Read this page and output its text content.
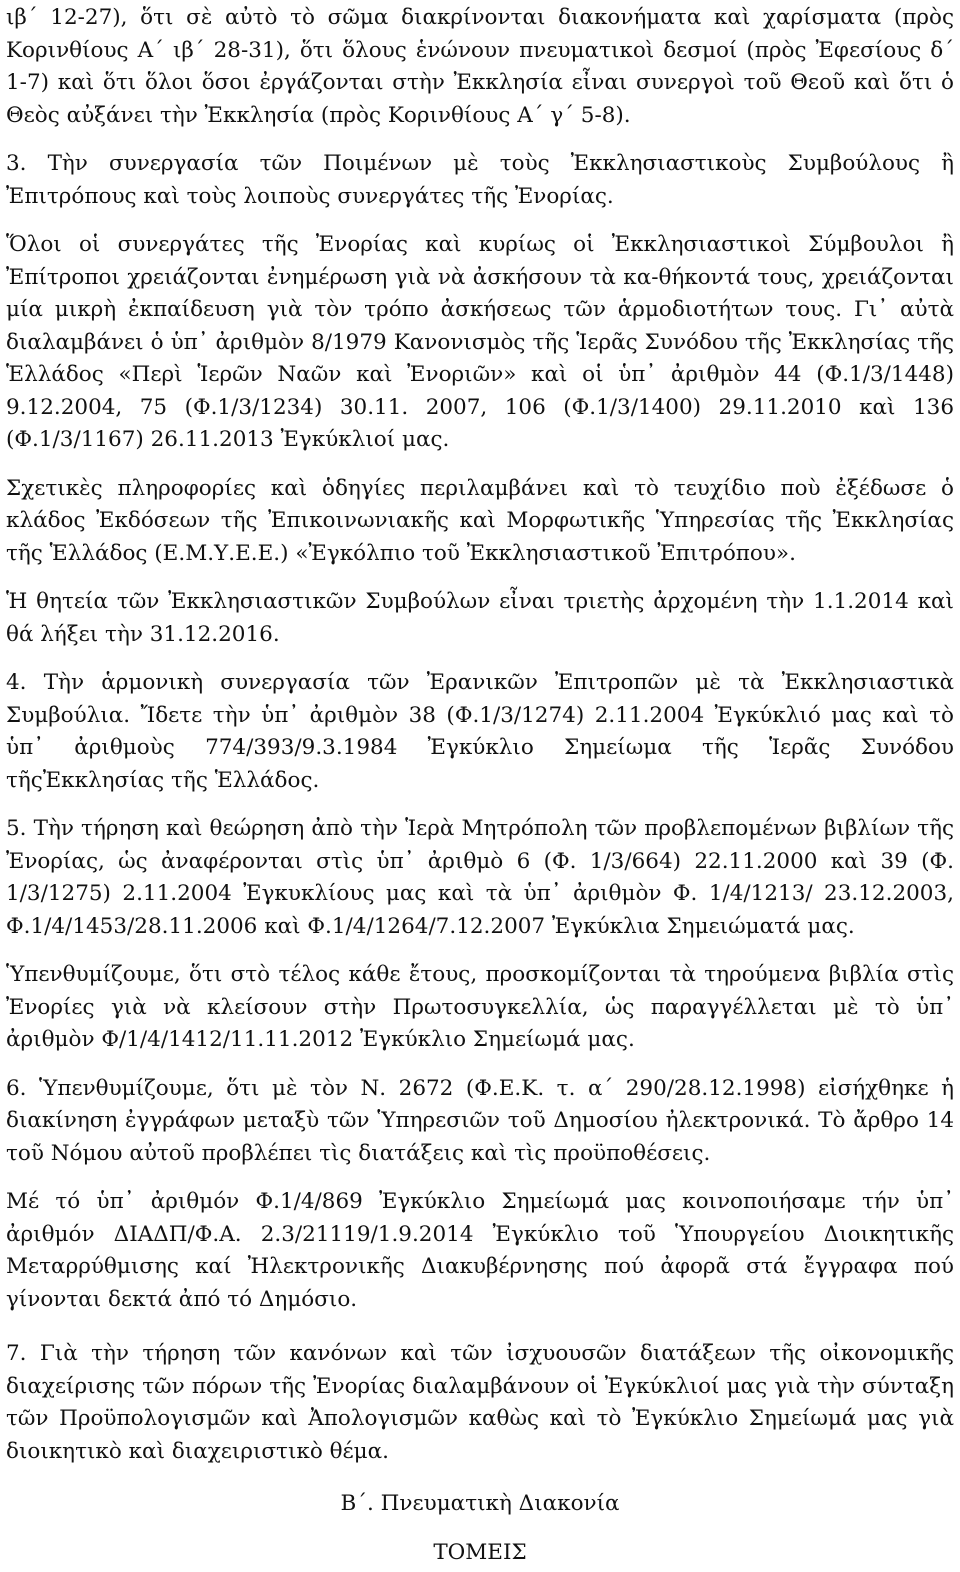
ιβ΄ 12-27), ὅτι σὲ αὐτὸ τὸ σῶμα διακρίνονται διακονήματα καὶ χαρίσματα (πρὸς Κορινθίους Α΄ ιβ΄ 28-31), ὅτι ὅλους ἑνώνουν πνευματικοὶ δεσμοί (πρὸς Ἐφεσίους δ΄ 1-7) καὶ ὅτι ὅλοι ὅσοι ἐργάζονται στὴν Ἐκκλησία εἶναι συνεργοὶ τοῦ Θεοῦ καὶ ὅτι ὁ Θεὸς αὐξάνει τὴν Ἐκκλησία (πρὸς Κορινθίους Α΄ γ΄ 5-8).

3. Τὴν συνεργασία τῶν Ποιμένων μὲ τοὺς Ἐκκλησιαστικοὺς Συμβούλους ἢ Ἐπιτρόπους καὶ τοὺς λοιποὺς συνεργάτες τῆς Ἐνορίας.

Ὅλοι οἱ συνεργάτες τῆς Ἐνορίας καὶ κυρίως οἱ Ἐκκλησιαστικοὶ Σύμβουλοι ἢ Ἐπίτροποι χρειάζονται ἐνημέρωση γιὰ νὰ ἀσκήσουν τὰ κα-θήκοντά τους, χρειάζονται μία μικρὴ ἐκπαίδευση γιὰ τὸν τρόπο ἀσκήσεως τῶν ἁρμοδιοτήτων τους. Γι᾽ αὐτὰ διαλαμβάνει ὁ ὑπ᾽ ἀριθμὸν 8/1979 Κανονισμὸς τῆς Ἱερᾶς Συνόδου τῆς Ἐκκλησίας τῆς Ἑλλάδος «Περὶ Ἱερῶν Ναῶν καὶ Ἐνοριῶν» καὶ οἱ ὑπ᾽ ἀριθμὸν 44 (Φ.1/3/1448) 9.12.2004, 75 (Φ.1/3/1234) 30.11. 2007, 106 (Φ.1/3/1400) 29.11.2010 καὶ 136 (Φ.1/3/1167) 26.11.2013 Ἐγκύκλιοί μας.

Σχετικὲς πληροφορίες καὶ ὁδηγίες περιλαμβάνει καὶ τὸ τευχίδιο ποὺ ἐξέδωσε ὁ κλάδος Ἐκδόσεων τῆς Ἐπικοινωνιακῆς καὶ Μορφωτικῆς Ὑπηρεσίας τῆς Ἐκκλησίας τῆς Ἑλλάδος (Ε.Μ.Υ.Ε.Ε.) «Ἐγκόλπιο τοῦ Ἐκκλησιαστικοῦ Ἐπιτρόπου».

Ἡ θητεία τῶν Ἐκκλησιαστικῶν Συμβούλων εἶναι τριετὴς ἀρχομένη τὴν 1.1.2014 καὶ θά λήξει τὴν 31.12.2016.

4. Τὴν ἁρμονικὴ συνεργασία τῶν Ἐρανικῶν Ἐπιτροπῶν μὲ τὰ Ἐκκλησιαστικὰ Συμβούλια. Ἴδετε τὴν ὑπ᾽ ἀριθμὸν 38 (Φ.1/3/1274) 2.11.2004 Ἐγκύκλιό μας καὶ τὸ ὑπ᾽ ἀριθμοὺς 774/393/9.3.1984 Ἐγκύκλιο Σημείωμα τῆς Ἱερᾶς Συνόδου τῆςἘκκλησίας τῆς Ἑλλάδος.

5. Τὴν τήρηση καὶ θεώρηση ἀπὸ τὴν Ἱερὰ Μητρόπολη τῶν προβλεπομένων βιβλίων τῆς Ἐνορίας, ὡς ἀναφέρονται στὶς ὑπ᾽ ἀριθμὸ 6 (Φ. 1/3/664) 22.11.2000 καὶ 39 (Φ. 1/3/1275) 2.11.2004 Ἐγκυκλίους μας καὶ τὰ ὑπ᾽ ἀριθμὸν Φ. 1/4/1213/ 23.12.2003, Φ.1/4/1453/28.11.2006 καὶ Φ.1/4/1264/7.12.2007 Ἐγκύκλια Σημειώματά μας.

Ὑπενθυμίζουμε, ὅτι στὸ τέλος κάθε ἔτους, προσκομίζονται τὰ τηρούμενα βιβλία στὶς Ἐνορίες γιὰ νὰ κλείσουν στὴν Πρωτοσυγκελλία, ὡς παραγγέλλεται μὲ τὸ ὑπ᾽ ἀριθμὸν Φ/1/4/1412/11.11.2012 Ἐγκύκλιο Σημείωμά μας.

6. Ὑπενθυμίζουμε, ὅτι μὲ τὸν Ν. 2672 (Φ.Ε.Κ. τ. α΄ 290/28.12.1998) εἰσήχθηκε ἡ διακίνηση ἐγγράφων μεταξὺ τῶν Ὑπηρεσιῶν τοῦ Δημοσίου ἠλεκτρονικά. Τὸ ἄρθρο 14 τοῦ Νόμου αὐτοῦ προβλέπει τὶς διατάξεις καὶ τὶς προϋποθέσεις.

Μέ τό ὑπ᾽ ἀριθμόν Φ.1/4/869 Ἐγκύκλιο Σημείωμά μας κοινοποιήσαμε τήν ὑπ᾽ ἀριθμόν ΔΙΑΔΠ/Φ.Α. 2.3/21119/1.9.2014 Ἐγκύκλιο τοῦ Ὑπουργείου Διοικητικῆς Μεταρρύθμισης καί Ἠλεκτρονικῆς Διακυβέρνησης πού ἀφορᾶ στά ἔγγραφα πού γίνονται δεκτά ἀπό τό Δημόσιο.

7. Γιὰ τὴν τήρηση τῶν κανόνων καὶ τῶν ἰσχυουσῶν διατάξεων τῆς οἰκονομικῆς διαχείρισης τῶν πόρων τῆς Ἐνορίας διαλαμβάνουν οἱ Ἐγκύκλιοί μας γιὰ τὴν σύνταξη τῶν Προϋπολογισμῶν καὶ Ἀπολογισμῶν καθὼς καὶ τὸ Ἐγκύκλιο Σημείωμά μας γιὰ διοικητικὸ καὶ διαχειριστικὸ θέμα.

Β΄. Πνευματικὴ Διακονία

ΤΟΜΕΙΣ
